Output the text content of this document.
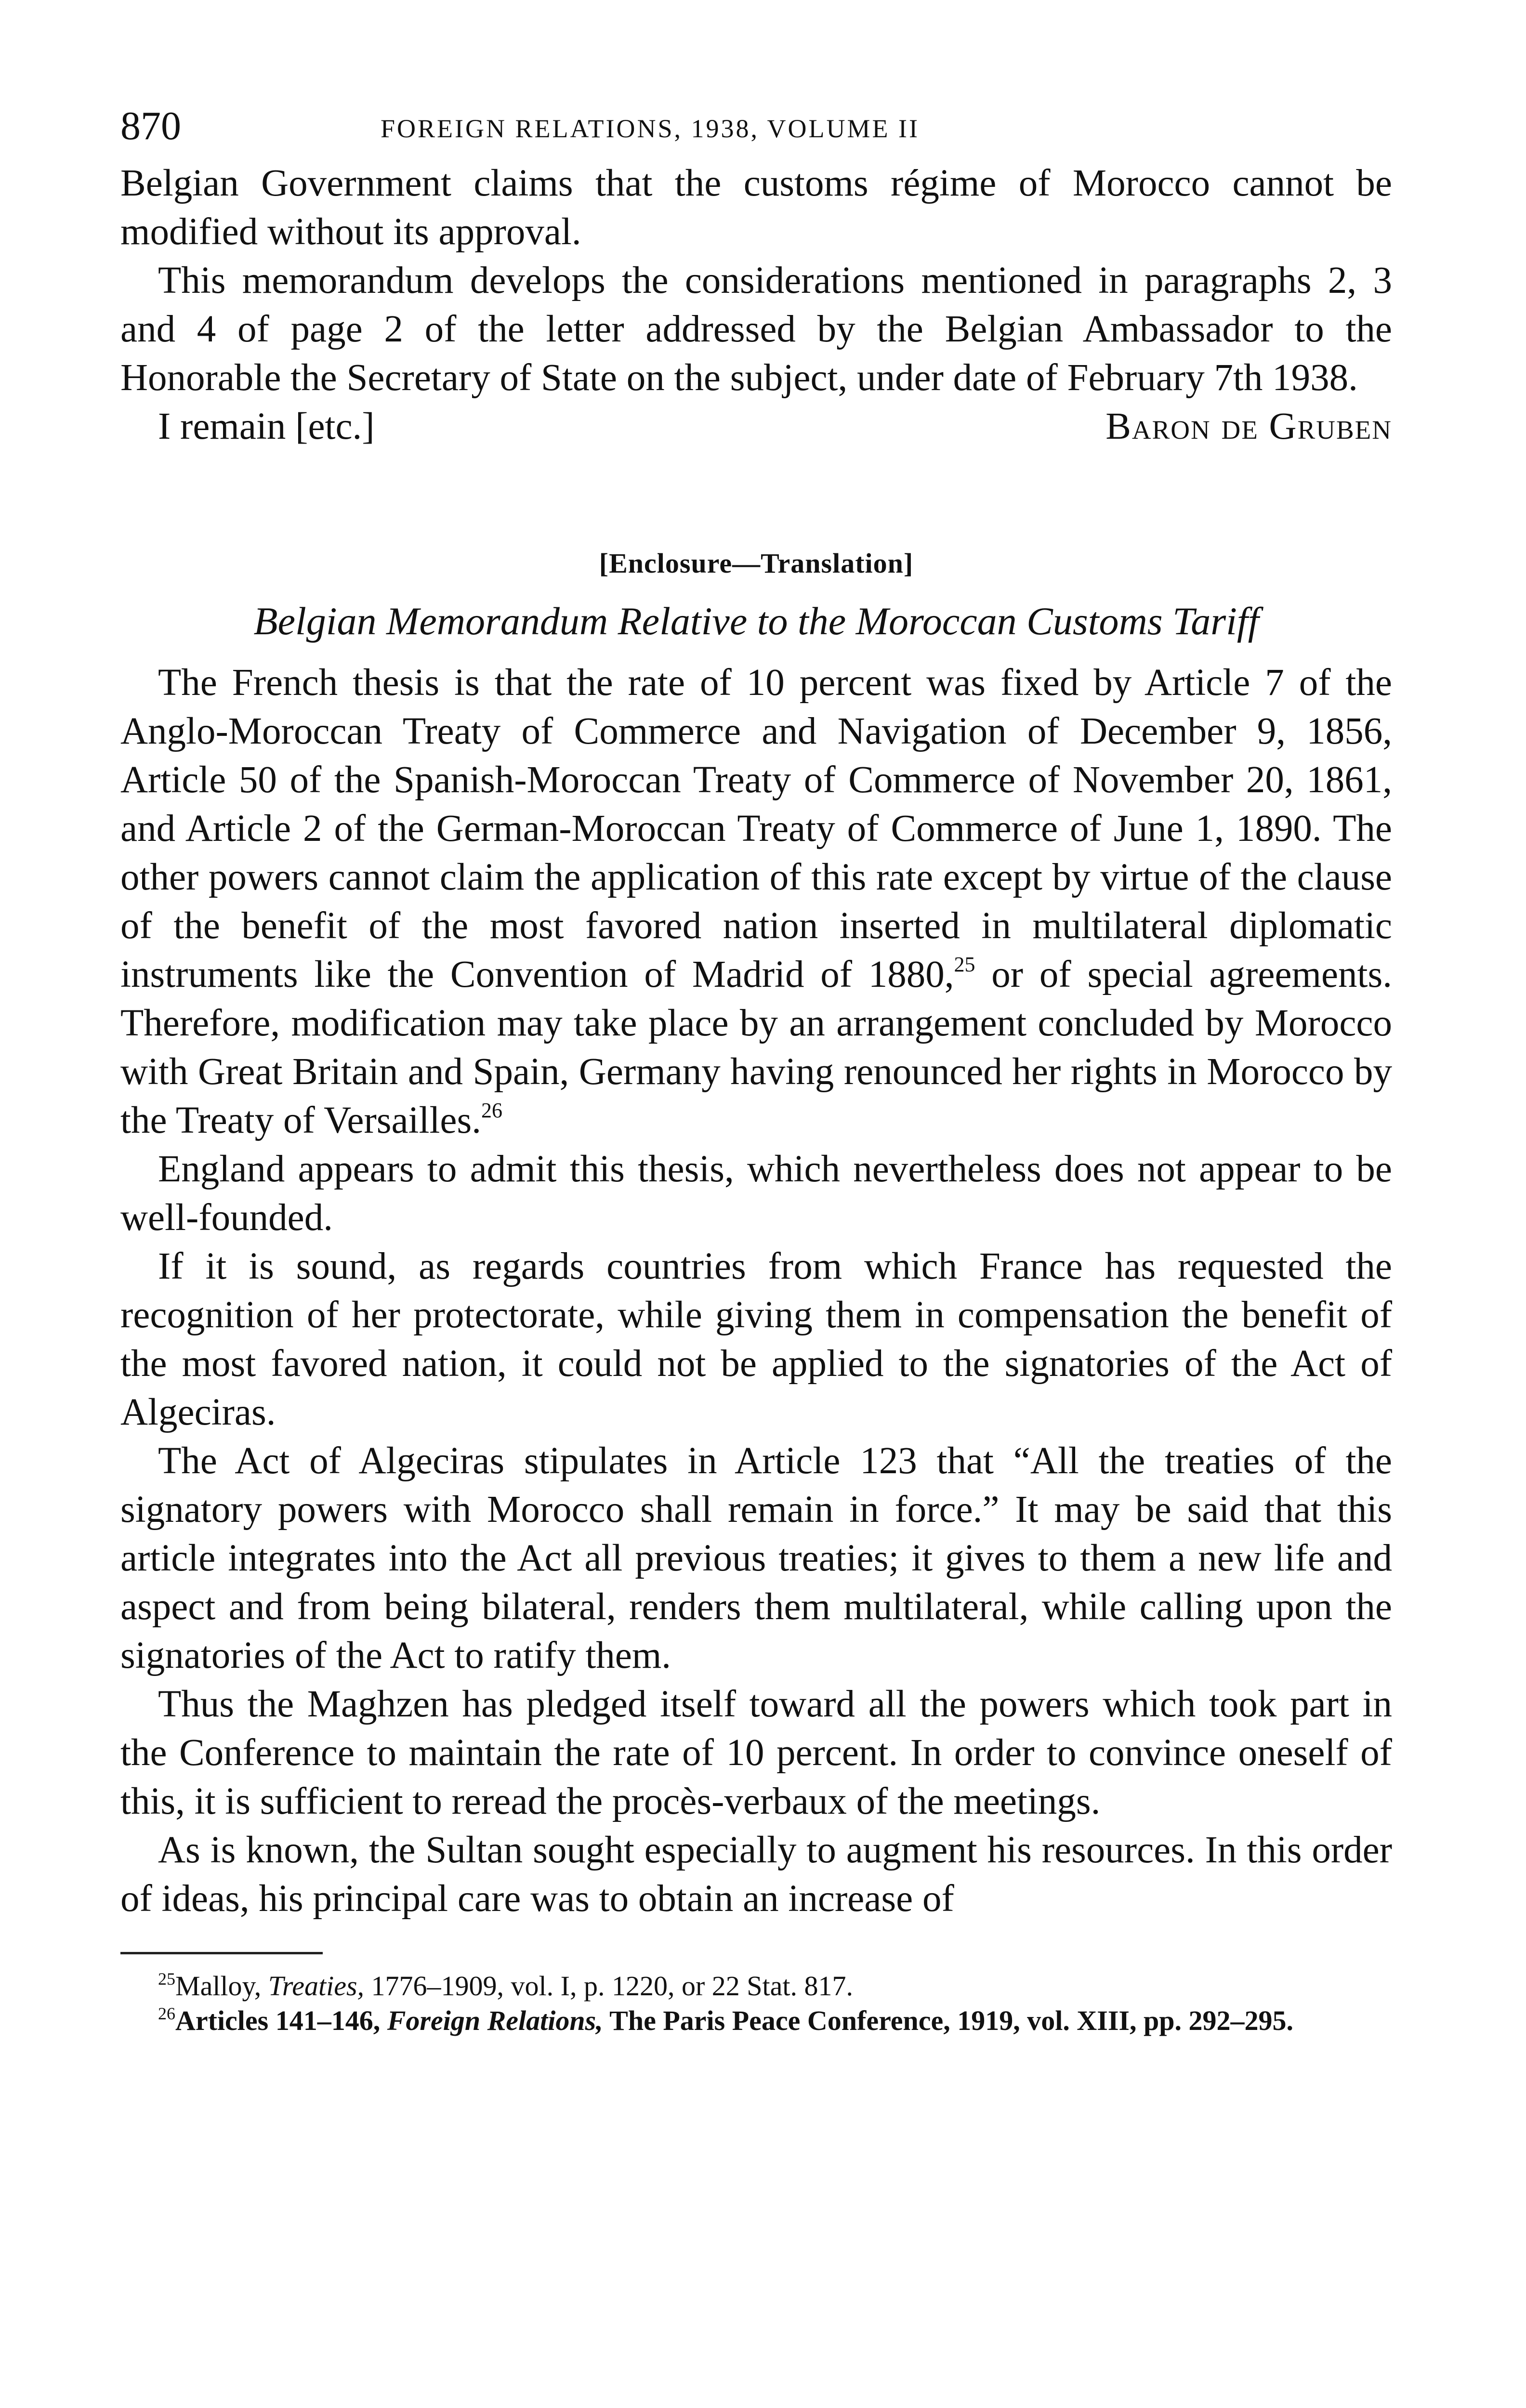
870	FOREIGN RELATIONS, 1938, VOLUME II

Belgian Government claims that the customs régime of Morocco cannot be modified without its approval.

This memorandum develops the considerations mentioned in paragraphs 2, 3 and 4 of page 2 of the letter addressed by the Belgian Ambassador to the Honorable the Secretary of State on the subject, under date of February 7th 1938.

I remain [etc.]	Baron de Gruben
[Enclosure—Translation]
Belgian Memorandum Relative to the Moroccan Customs Tariff

The French thesis is that the rate of 10 percent was fixed by Article 7 of the Anglo-Moroccan Treaty of Commerce and Navigation of December 9, 1856, Article 50 of the Spanish-Moroccan Treaty of Commerce of November 20, 1861, and Article 2 of the German-Moroccan Treaty of Commerce of June 1, 1890. The other powers cannot claim the application of this rate except by virtue of the clause of the benefit of the most favored nation inserted in multilateral diplomatic instruments like the Convention of Madrid of 1880,25 or of special agreements. Therefore, modification may take place by an arrangement concluded by Morocco with Great Britain and Spain, Germany having renounced her rights in Morocco by the Treaty of Versailles.$^{26}$

England appears to admit this thesis, which nevertheless does not appear to be well-founded.

If it is sound, as regards countries from which France has requested the recognition of her protectorate, while giving them in compensation the benefit of the most favored nation, it could not be applied to the signatories of the Act of Algeciras.

The Act of Algeciras stipulates in Article 123 that “All the treaties of the signatory powers with Morocco shall remain in force.” It may be said that this article integrates into the Act all previous treaties; it gives to them a new life and aspect and from being bilateral, renders them multilateral, while calling upon the signatories of the Act to ratify them.

Thus the Maghzen has pledged itself toward all the powers which took part in the Conference to maintain the rate of 10 percent. In order to convince oneself of this, it is sufficient to reread the procès-verbaux of the meetings.

As is known, the Sultan sought especially to augment his resources. In this order of ideas, his principal care was to obtain an increase of

$^{25}$Malloy, Treaties, 1776–1909, vol. I, p. 1220, or 22 Stat. 817.

$^{26}$Articles 141–146, Foreign Relations, The Paris Peace Conference, 1919, vol. XIII, pp. 292–295.
